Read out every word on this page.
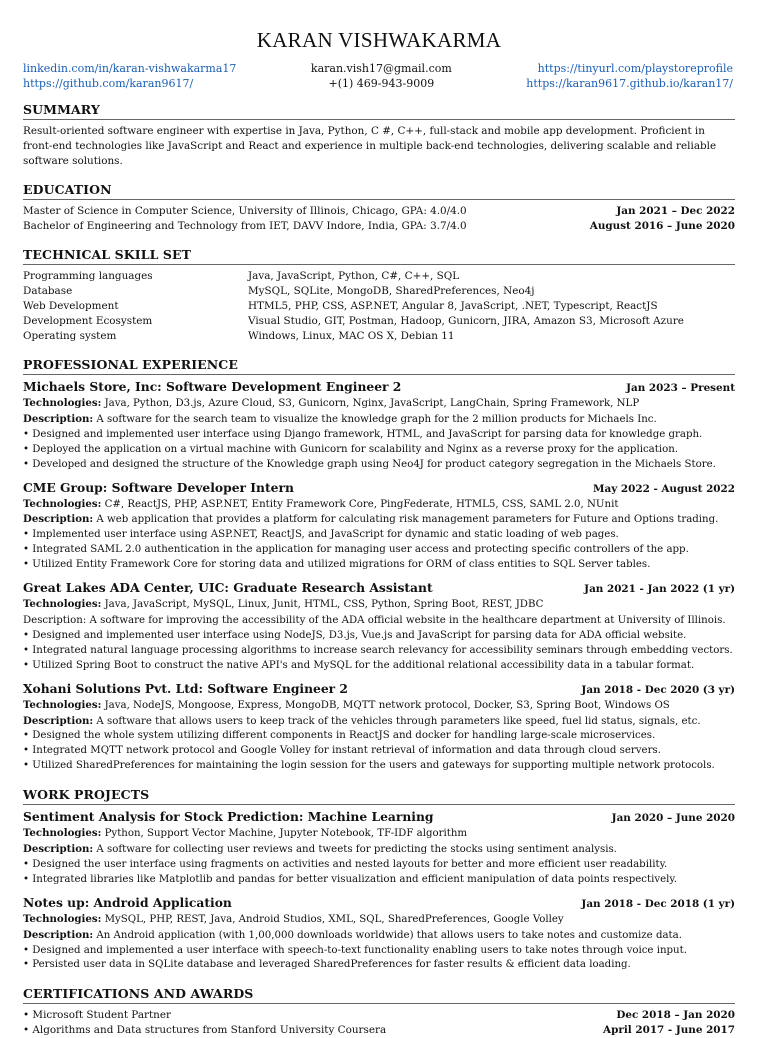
KARAN VISHWAKARMA
linkedin.com/in/karan-vishwakarma17
https://github.com/karan9617/
karan.vish17@gmail.com
+(1) 469-943-9009
https://tinyurl.com/playstoreprofile
https://karan9617.github.io/karan17/
SUMMARY
Result-oriented software engineer with expertise in Java, Python, C #, C++, full-stack and mobile app development. Proficient in front-end technologies like JavaScript and React and experience in multiple back-end technologies, delivering scalable and reliable software solutions.
EDUCATION
Master of Science in Computer Science, University of Illinois, Chicago, GPA: 4.0/4.0	Jan 2021 – Dec 2022
Bachelor of Engineering and Technology from IET, DAVV Indore, India, GPA: 3.7/4.0	August 2016 – June 2020
TECHNICAL SKILL SET
Programming languages	Java, JavaScript, Python, C#, C++, SQL
Database	MySQL, SQLite, MongoDB, SharedPreferences, Neo4j
Web Development	HTML5, PHP, CSS, ASP.NET, Angular 8, JavaScript, .NET, Typescript, ReactJS
Development Ecosystem	Visual Studio, GIT, Postman, Hadoop, Gunicorn, JIRA, Amazon S3, Microsoft Azure
Operating system	Windows, Linux, MAC OS X, Debian 11
PROFESSIONAL EXPERIENCE
Michaels Store, Inc: Software Development Engineer 2	Jan 2023 – Present
Technologies: Java, Python, D3.js, Azure Cloud, S3, Gunicorn, Nginx, JavaScript, LangChain, Spring Framework, NLP
Description: A software for the search team to visualize the knowledge graph for the 2 million products for Michaels Inc.
• Designed and implemented user interface using Django framework, HTML, and JavaScript for parsing data for knowledge graph.
• Deployed the application on a virtual machine with Gunicorn for scalability and Nginx as a reverse proxy for the application.
• Developed and designed the structure of the Knowledge graph using Neo4J for product category segregation in the Michaels Store.
CME Group: Software Developer Intern	May 2022 - August 2022
Technologies: C#, ReactJS, PHP, ASP.NET, Entity Framework Core, PingFederate, HTML5, CSS, SAML 2.0, NUnit
Description: A web application that provides a platform for calculating risk management parameters for Future and Options trading.
• Implemented user interface using ASP.NET, ReactJS, and JavaScript for dynamic and static loading of web pages.
• Integrated SAML 2.0 authentication in the application for managing user access and protecting specific controllers of the app.
• Utilized Entity Framework Core for storing data and utilized migrations for ORM of class entities to SQL Server tables.
Great Lakes ADA Center, UIC: Graduate Research Assistant	Jan 2021 - Jan 2022 (1 yr)
Technologies: Java, JavaScript, MySQL, Linux, Junit, HTML, CSS, Python, Spring Boot, REST, JDBC
Description: A software for improving the accessibility of the ADA official website in the healthcare department at University of Illinois.
• Designed and implemented user interface using NodeJS, D3.js, Vue.js and JavaScript for parsing data for ADA official website.
• Integrated natural language processing algorithms to increase search relevancy for accessibility seminars through embedding vectors.
• Utilized Spring Boot to construct the native API's and MySQL for the additional relational accessibility data in a tabular format.
Xohani Solutions Pvt. Ltd: Software Engineer 2	Jan 2018 - Dec 2020 (3 yr)
Technologies: Java, NodeJS, Mongoose, Express, MongoDB, MQTT network protocol, Docker, S3, Spring Boot, Windows OS
Description: A software that allows users to keep track of the vehicles through parameters like speed, fuel lid status, signals, etc.
• Designed the whole system utilizing different components in ReactJS and docker for handling large-scale microservices.
• Integrated MQTT network protocol and Google Volley for instant retrieval of information and data through cloud servers.
• Utilized SharedPreferences for maintaining the login session for the users and gateways for supporting multiple network protocols.
WORK PROJECTS
Sentiment Analysis for Stock Prediction: Machine Learning	Jan 2020 – June 2020
Technologies: Python, Support Vector Machine, Jupyter Notebook, TF-IDF algorithm
Description: A software for collecting user reviews and tweets for predicting the stocks using sentiment analysis.
• Designed the user interface using fragments on activities and nested layouts for better and more efficient user readability.
• Integrated libraries like Matplotlib and pandas for better visualization and efficient manipulation of data points respectively.
Notes up: Android Application	Jan 2018 - Dec 2018 (1 yr)
Technologies: MySQL, PHP, REST, Java, Android Studios, XML, SQL, SharedPreferences, Google Volley
Description: An Android application (with 1,00,000 downloads worldwide) that allows users to take notes and customize data.
• Designed and implemented a user interface with speech-to-text functionality enabling users to take notes through voice input.
• Persisted user data in SQLite database and leveraged SharedPreferences for faster results & efficient data loading.
CERTIFICATIONS AND AWARDS
• Microsoft Student Partner	Dec 2018 – Jan 2020
• Algorithms and Data structures from Stanford University Coursera	April 2017 - June 2017
